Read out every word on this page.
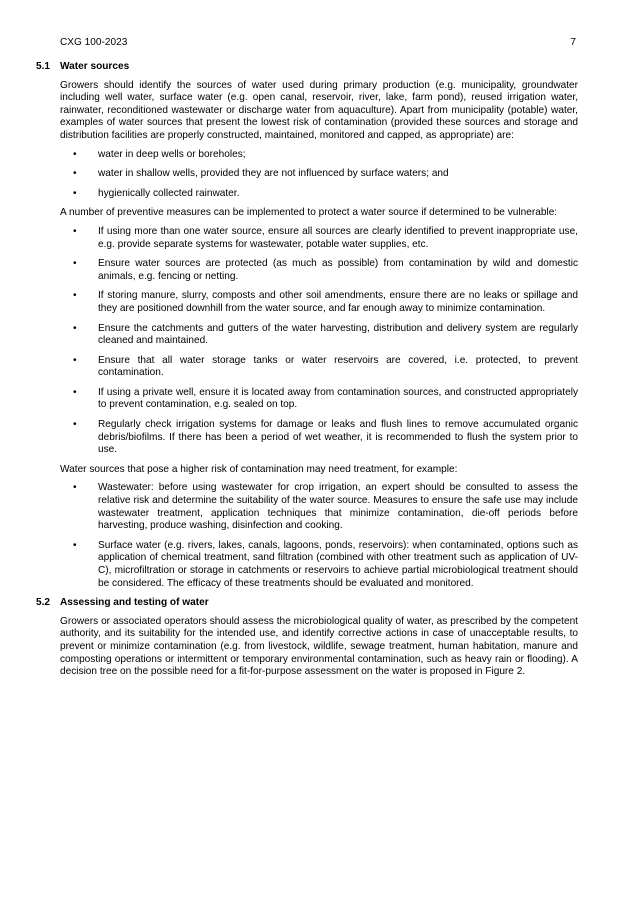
CXG 100-2023	7
5.1 Water sources

Growers should identify the sources of water used during primary production (e.g. municipality, groundwater including well water, surface water (e.g. open canal, reservoir, river, lake, farm pond), reused irrigation water, rainwater, reconditioned wastewater or discharge water from aquaculture). Apart from municipality (potable) water, examples of water sources that present the lowest risk of contamination (provided these sources and storage and distribution facilities are properly constructed, maintained, monitored and capped, as appropriate) are:

•	water in deep wells or boreholes;
•	water in shallow wells, provided they are not influenced by surface waters; and
•	hygienically collected rainwater.

A number of preventive measures can be implemented to protect a water source if determined to be vulnerable:

•	If using more than one water source, ensure all sources are clearly identified to prevent inappropriate use, e.g. provide separate systems for wastewater, potable water supplies, etc.
•	Ensure water sources are protected (as much as possible) from contamination by wild and domestic animals, e.g. fencing or netting.
•	If storing manure, slurry, composts and other soil amendments, ensure there are no leaks or spillage and they are positioned downhill from the water source, and far enough away to minimize contamination.
•	Ensure the catchments and gutters of the water harvesting, distribution and delivery system are regularly cleaned and maintained.
•	Ensure that all water storage tanks or water reservoirs are covered, i.e. protected, to prevent contamination.
•	If using a private well, ensure it is located away from contamination sources, and constructed appropriately to prevent contamination, e.g. sealed on top.
•	Regularly check irrigation systems for damage or leaks and flush lines to remove accumulated organic debris/biofilms. If there has been a period of wet weather, it is recommended to flush the system prior to use.

Water sources that pose a higher risk of contamination may need treatment, for example:

•	Wastewater: before using wastewater for crop irrigation, an expert should be consulted to assess the relative risk and determine the suitability of the water source. Measures to ensure the safe use may include wastewater treatment, application techniques that minimize contamination, die-off periods before harvesting, produce washing, disinfection and cooking.
•	Surface water (e.g. rivers, lakes, canals, lagoons, ponds, reservoirs): when contaminated, options such as application of chemical treatment, sand filtration (combined with other treatment such as application of UV-C), microfiltration or storage in catchments or reservoirs to achieve partial microbiological treatment should be considered. The efficacy of these treatments should be evaluated and monitored.
5.2 Assessing and testing of water

Growers or associated operators should assess the microbiological quality of water, as prescribed by the competent authority, and its suitability for the intended use, and identify corrective actions in case of unacceptable results, to prevent or minimize contamination (e.g. from livestock, wildlife, sewage treatment, human habitation, manure and composting operations or intermittent or temporary environmental contamination, such as heavy rain or flooding). A decision tree on the possible need for a fit-for-purpose assessment on the water is proposed in Figure 2.
